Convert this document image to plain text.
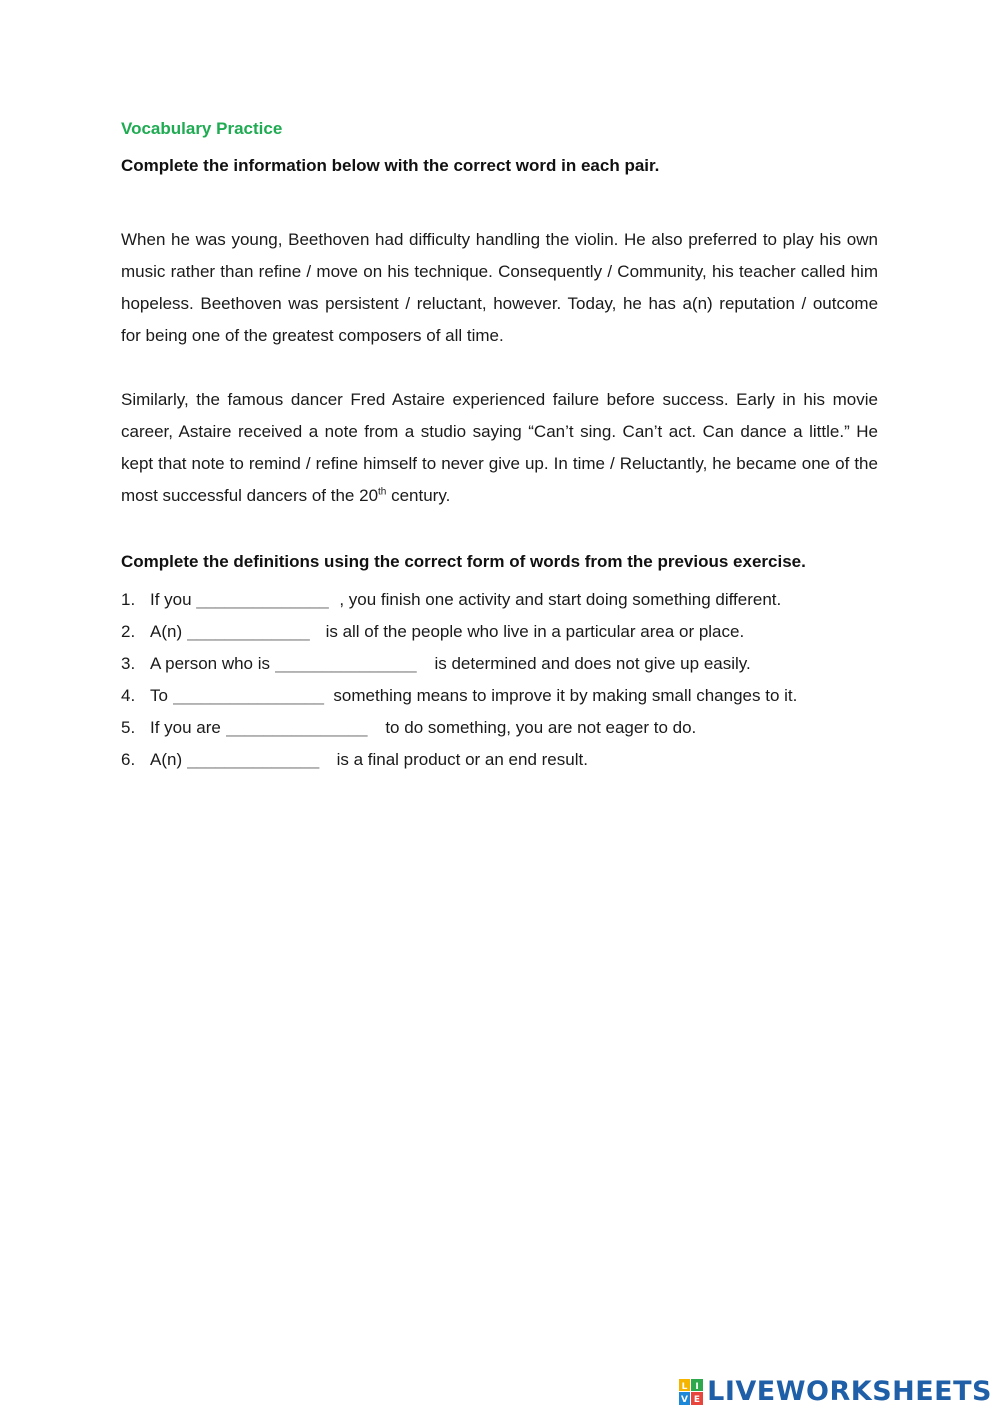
Vocabulary Practice

Complete the information below with the correct word in each pair.

When he was young, Beethoven had difficulty handling the violin. He also preferred to play his own music rather than refine / move on his technique. Consequently / Community, his teacher called him hopeless. Beethoven was persistent / reluctant, however. Today, he has a(n) reputation / outcome for being one of the greatest composers of all time.

Similarly, the famous dancer Fred Astaire experienced failure before success. Early in his movie career, Astaire received a note from a studio saying “Can’t sing. Can’t act. Can dance a little.” He kept that note to remind / refine himself to never give up. In time / Reluctantly, he became one of the most successful dancers of the 20th century.

Complete the definitions using the correct form of words from the previous exercise.

1. If you ______________	, you finish one activity and start doing something different.
2. A(n) _____________	is all of the people who live in a particular area or place.
3. A person who is _______________	is determined and does not give up easily.
4. To ________________	something means to improve it by making small changes to it.
5. If you are _______________	to do something, you are not eager to do.
6. A(n) ______________	is a final product or an end result.
L I
V E LIVEWORKSHEETS
